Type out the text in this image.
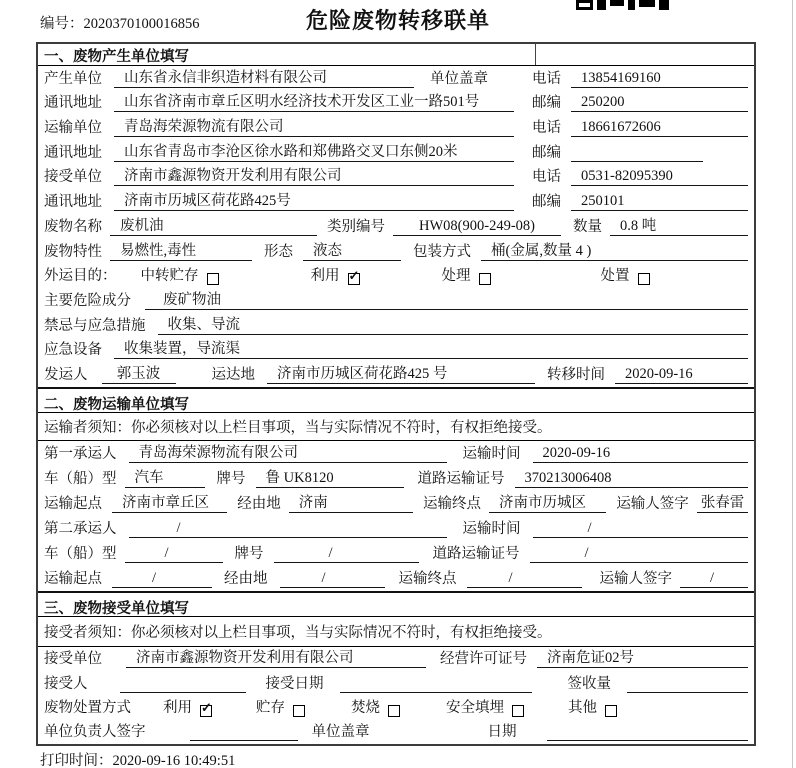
编号：2020370100016856	危险废物转移联单
一、废物产生单位填写
产生单位	山东省永信非织造材料有限公司	单位盖章	电话	13854169160
通讯地址	山东省济南市章丘区明水经济技术开发区工业一路501号	邮编	250200
运输单位	青岛海荣源物流有限公司	电话	18661672606
通讯地址	山东省青岛市李沧区徐水路和郑佛路交叉口东侧20米	邮编
接受单位	济南市鑫源物资开发利用有限公司	电话	0531-82095390
通讯地址	济南市历城区荷花路425号	邮编	250101
废物名称	废机油	类别编号	HW08(900-249-08)	数量	0.8 吨
废物特性	易燃性,毒性	形态	液态	包装方式	桶(金属,数量 4 )
外运目的： 中转贮存	利用 ✓	处理	处置
主要危险成分	废矿物油
禁忌与应急措施	收集、导流
应急设备	收集装置，导流渠
发运人	郭玉波	运达地	济南市历城区荷花路425 号	转移时间	2020-09-16
二、废物运输单位填写
运输者须知：你必须核对以上栏目事项，当与实际情况不符时，有权拒绝接受。
第一承运人	青岛海荣源物流有限公司	运输时间	2020-09-16
车（船）型	汽车	牌号	鲁 UK8120	道路运输证号	370213006408
运输起点	济南市章丘区	经由地	济南	运输终点	济南市历城区	运输人签字 张春雷
第二承运人	/	运输时间	/
车（船）型	/	牌号	/	道路运输证号	/
运输起点	/	经由地	/	运输终点	/	运输人签字	/
三、废物接受单位填写
接受者须知：你必须核对以上栏目事项，当与实际情况不符时，有权拒绝接受。
接受单位	济南市鑫源物资开发利用有限公司	经营许可证号	济南危证02号
接受人	接受日期	签收量
废物处置方式 利用 ✓	贮存	焚烧	安全填埋	其他
单位负责人签字	单位盖章	日期
打印时间：2020-09-16 10:49:51
